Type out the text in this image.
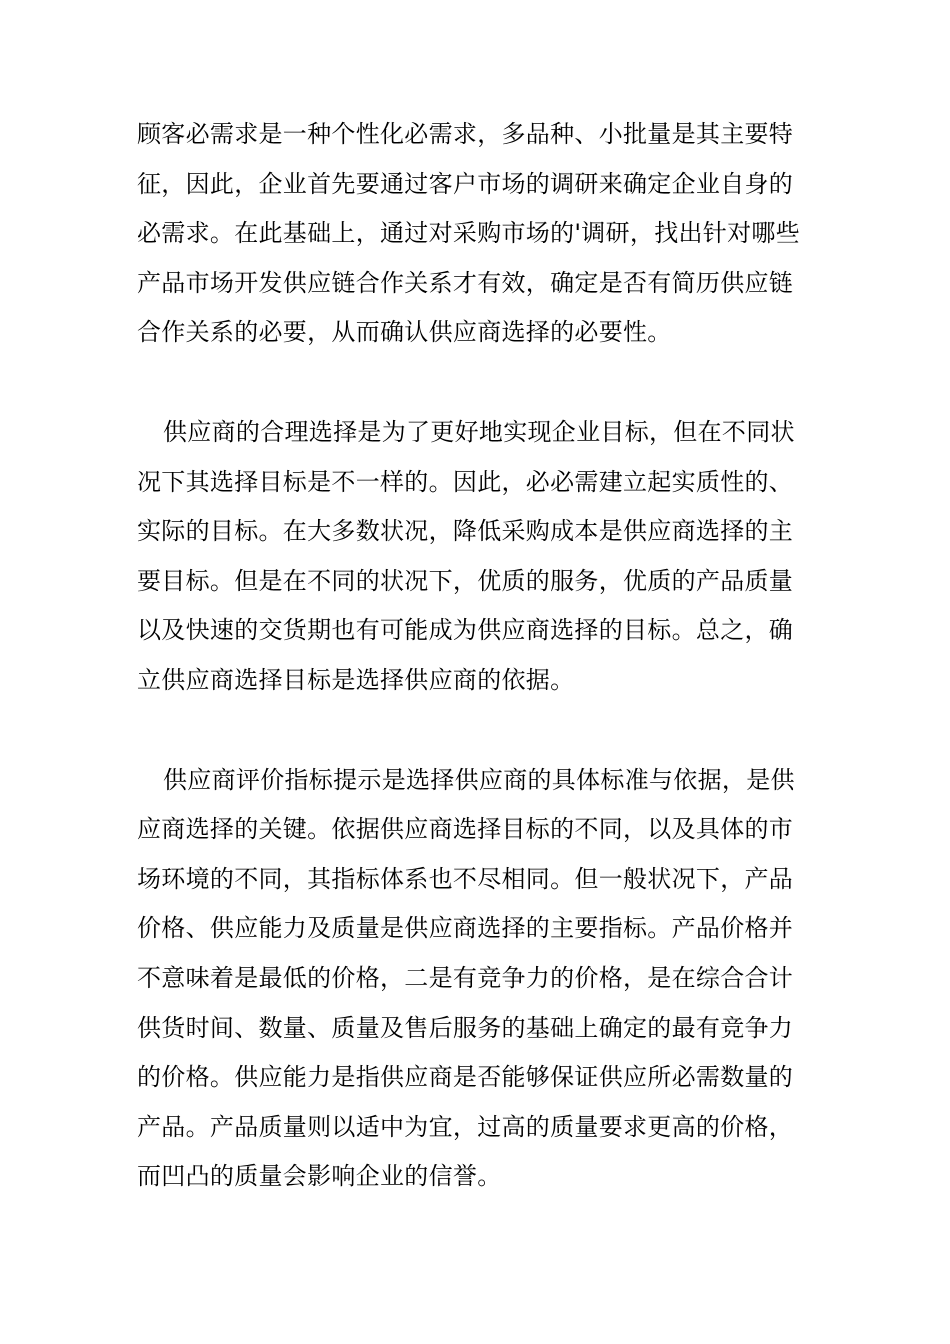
顾客必需求是一种个性化必需求，多品种、小批量是其主要特
征，因此，企业首先要通过客户市场的调研来确定企业自身的
必需求。在此基础上，通过对采购市场的'调研，找出针对哪些
产品市场开发供应链合作关系才有效，确定是否有简历供应链
合作关系的必要，从而确认供应商选择的必要性。

供应商的合理选择是为了更好地实现企业目标，但在不同状
况下其选择目标是不一样的。因此，必必需建立起实质性的、
实际的目标。在大多数状况，降低采购成本是供应商选择的主
要目标。但是在不同的状况下，优质的服务，优质的产品质量
以及快速的交货期也有可能成为供应商选择的目标。总之，确
立供应商选择目标是选择供应商的依据。

供应商评价指标提示是选择供应商的具体标准与依据，是供
应商选择的关键。依据供应商选择目标的不同，以及具体的市
场环境的不同，其指标体系也不尽相同。但一般状况下，产品
价格、供应能力及质量是供应商选择的主要指标。产品价格并
不意味着是最低的价格，二是有竞争力的价格，是在综合合计
供货时间、数量、质量及售后服务的基础上确定的最有竞争力
的价格。供应能力是指供应商是否能够保证供应所必需数量的
产品。产品质量则以适中为宜，过高的质量要求更高的价格，
而凹凸的质量会影响企业的信誉。
